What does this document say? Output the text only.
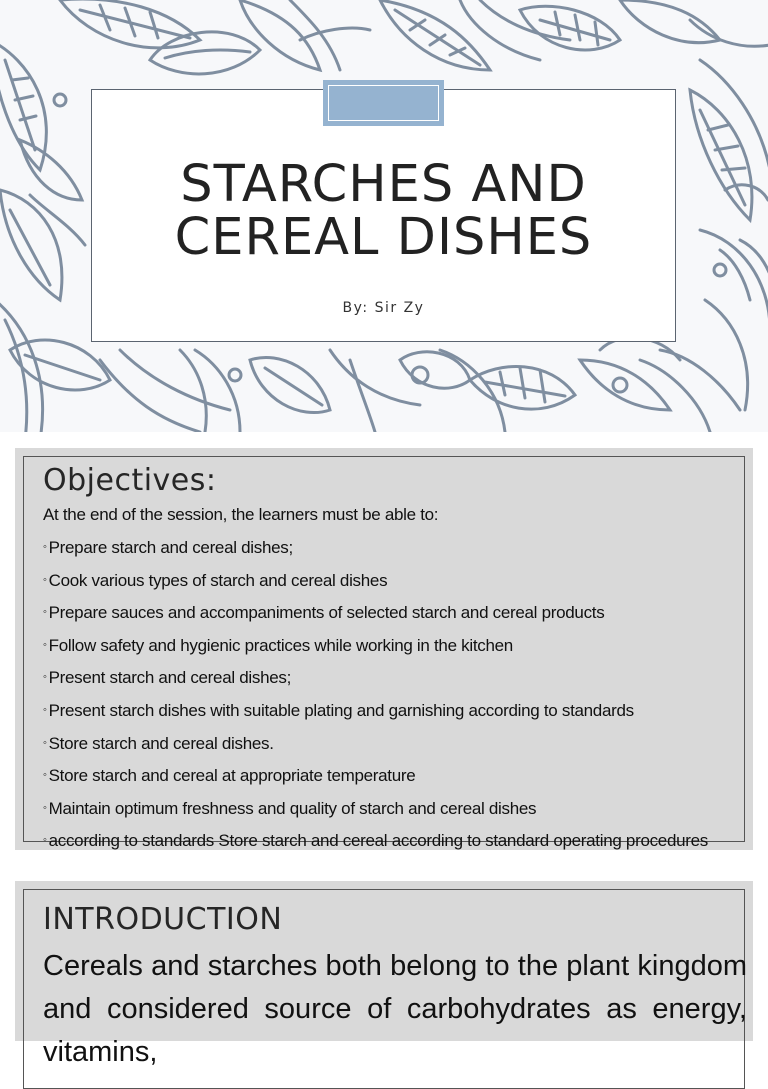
STARCHES AND
CEREAL DISHES
By: Sir Zy
Objectives:
At the end of the session, the learners must be able to:
◦ Prepare starch and cereal dishes;
◦ Cook various types of starch and cereal dishes
◦ Prepare sauces and accompaniments of selected starch and cereal products
◦ Follow safety and hygienic practices while working in the kitchen
◦ Present starch and cereal dishes;
◦ Present starch dishes with suitable plating and garnishing according to standards
◦ Store starch and cereal dishes.
◦ Store starch and cereal at appropriate temperature
◦ Maintain optimum freshness and quality of starch and cereal dishes
◦ according to standards Store starch and cereal according to standard operating procedures
INTRODUCTION

Cereals and starches both belong to the plant kingdom and considered source of carbohydrates as energy, vitamins,
